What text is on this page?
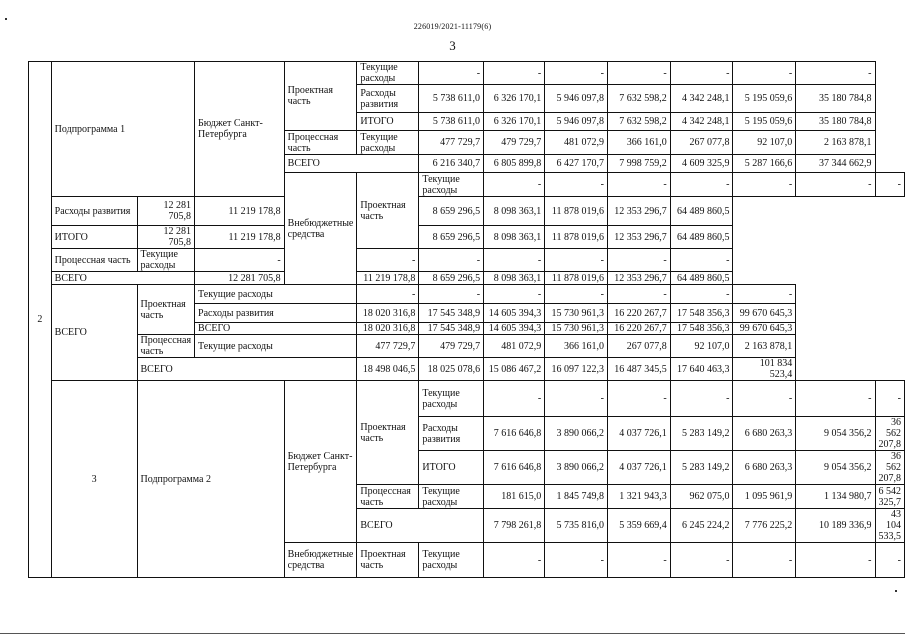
226019/2021-11179(6)
3
2	Подпрограмма 1		Бюджет Санкт-Петербурга	Проектная часть	Текущие расходы	-	-	-	-	-	-	-	
					Расходы развития	5 738 611,0	6 326 170,1	5 946 097,8	7 632 598,2	4 342 248,1	5 195 059,6	35 180 784,8	
					ИТОГО	5 738 611,0	6 326 170,1	5 946 097,8	7 632 598,2	4 342 248,1	5 195 059,6	35 180 784,8	
				Процессная часть	Текущие расходы	477 729,7	479 729,7	481 072,9	366 161,0	267 077,8	92 107,0	2 163 878,1	
				ВСЕГО		6 216 340,7	6 805 899,8	6 427 170,7	7 998 759,2	4 609 325,9	5 287 166,6	37 344 662,9	
				Внебюджетные средства	Проектная часть	Текущие расходы	-	-	-	-	-	-	-
	Расходы развития	12 281 705,8	11 219 178,8			8 659 296,5	8 098 363,1	11 878 019,6	12 353 296,7	64 489 860,5			
	ИТОГО	12 281 705,8	11 219 178,8			8 659 296,5	8 098 363,1	11 878 019,6	12 353 296,7	64 489 860,5			
	Процессная часть	Текущие расходы	-		-	-	-	-	-	-			
	ВСЕГО		12 281 705,8		11 219 178,8	8 659 296,5	8 098 363,1	11 878 019,6	12 353 296,7	64 489 860,5			
	ВСЕГО	Проектная часть	Текущие расходы		-	-	-	-	-	-	-		
			Расходы развития		18 020 316,8	17 545 348,9	14 605 394,3	15 730 961,3	16 220 267,7	17 548 356,3	99 670 645,3		
			ВСЕГО		18 020 316,8	17 545 348,9	14 605 394,3	15 730 961,3	16 220 267,7	17 548 356,3	99 670 645,3		
		Процессная часть	Текущие расходы		477 729,7	479 729,7	481 072,9	366 161,0	267 077,8	92 107,0	2 163 878,1		
		ВСЕГО			18 498 046,5	18 025 078,6	15 086 467,2	16 097 122,3	16 487 345,5	17 640 463,3	101 834 523,4		
	3	Подпрограмма 2		Бюджет Санкт-Петербурга	Проектная часть	Текущие расходы	-	-	-	-	-	-	-
						Расходы развития	7 616 646,8	3 890 066,2	4 037 726,1	5 283 149,2	6 680 263,3	9 054 356,2	36 562 207,8
						ИТОГО	7 616 646,8	3 890 066,2	4 037 726,1	5 283 149,2	6 680 263,3	9 054 356,2	36 562 207,8
					Процессная часть	Текущие расходы	181 615,0	1 845 749,8	1 321 943,3	962 075,0	1 095 961,9	1 134 980,7	6 542 325,7
					ВСЕГО		7 798 261,8	5 735 816,0	5 359 669,4	6 245 224,2	7 776 225,2	10 189 336,9	43 104 533,5
				Внебюджетные средства	Проектная часть	Текущие расходы	-	-	-	-	-	-	-
